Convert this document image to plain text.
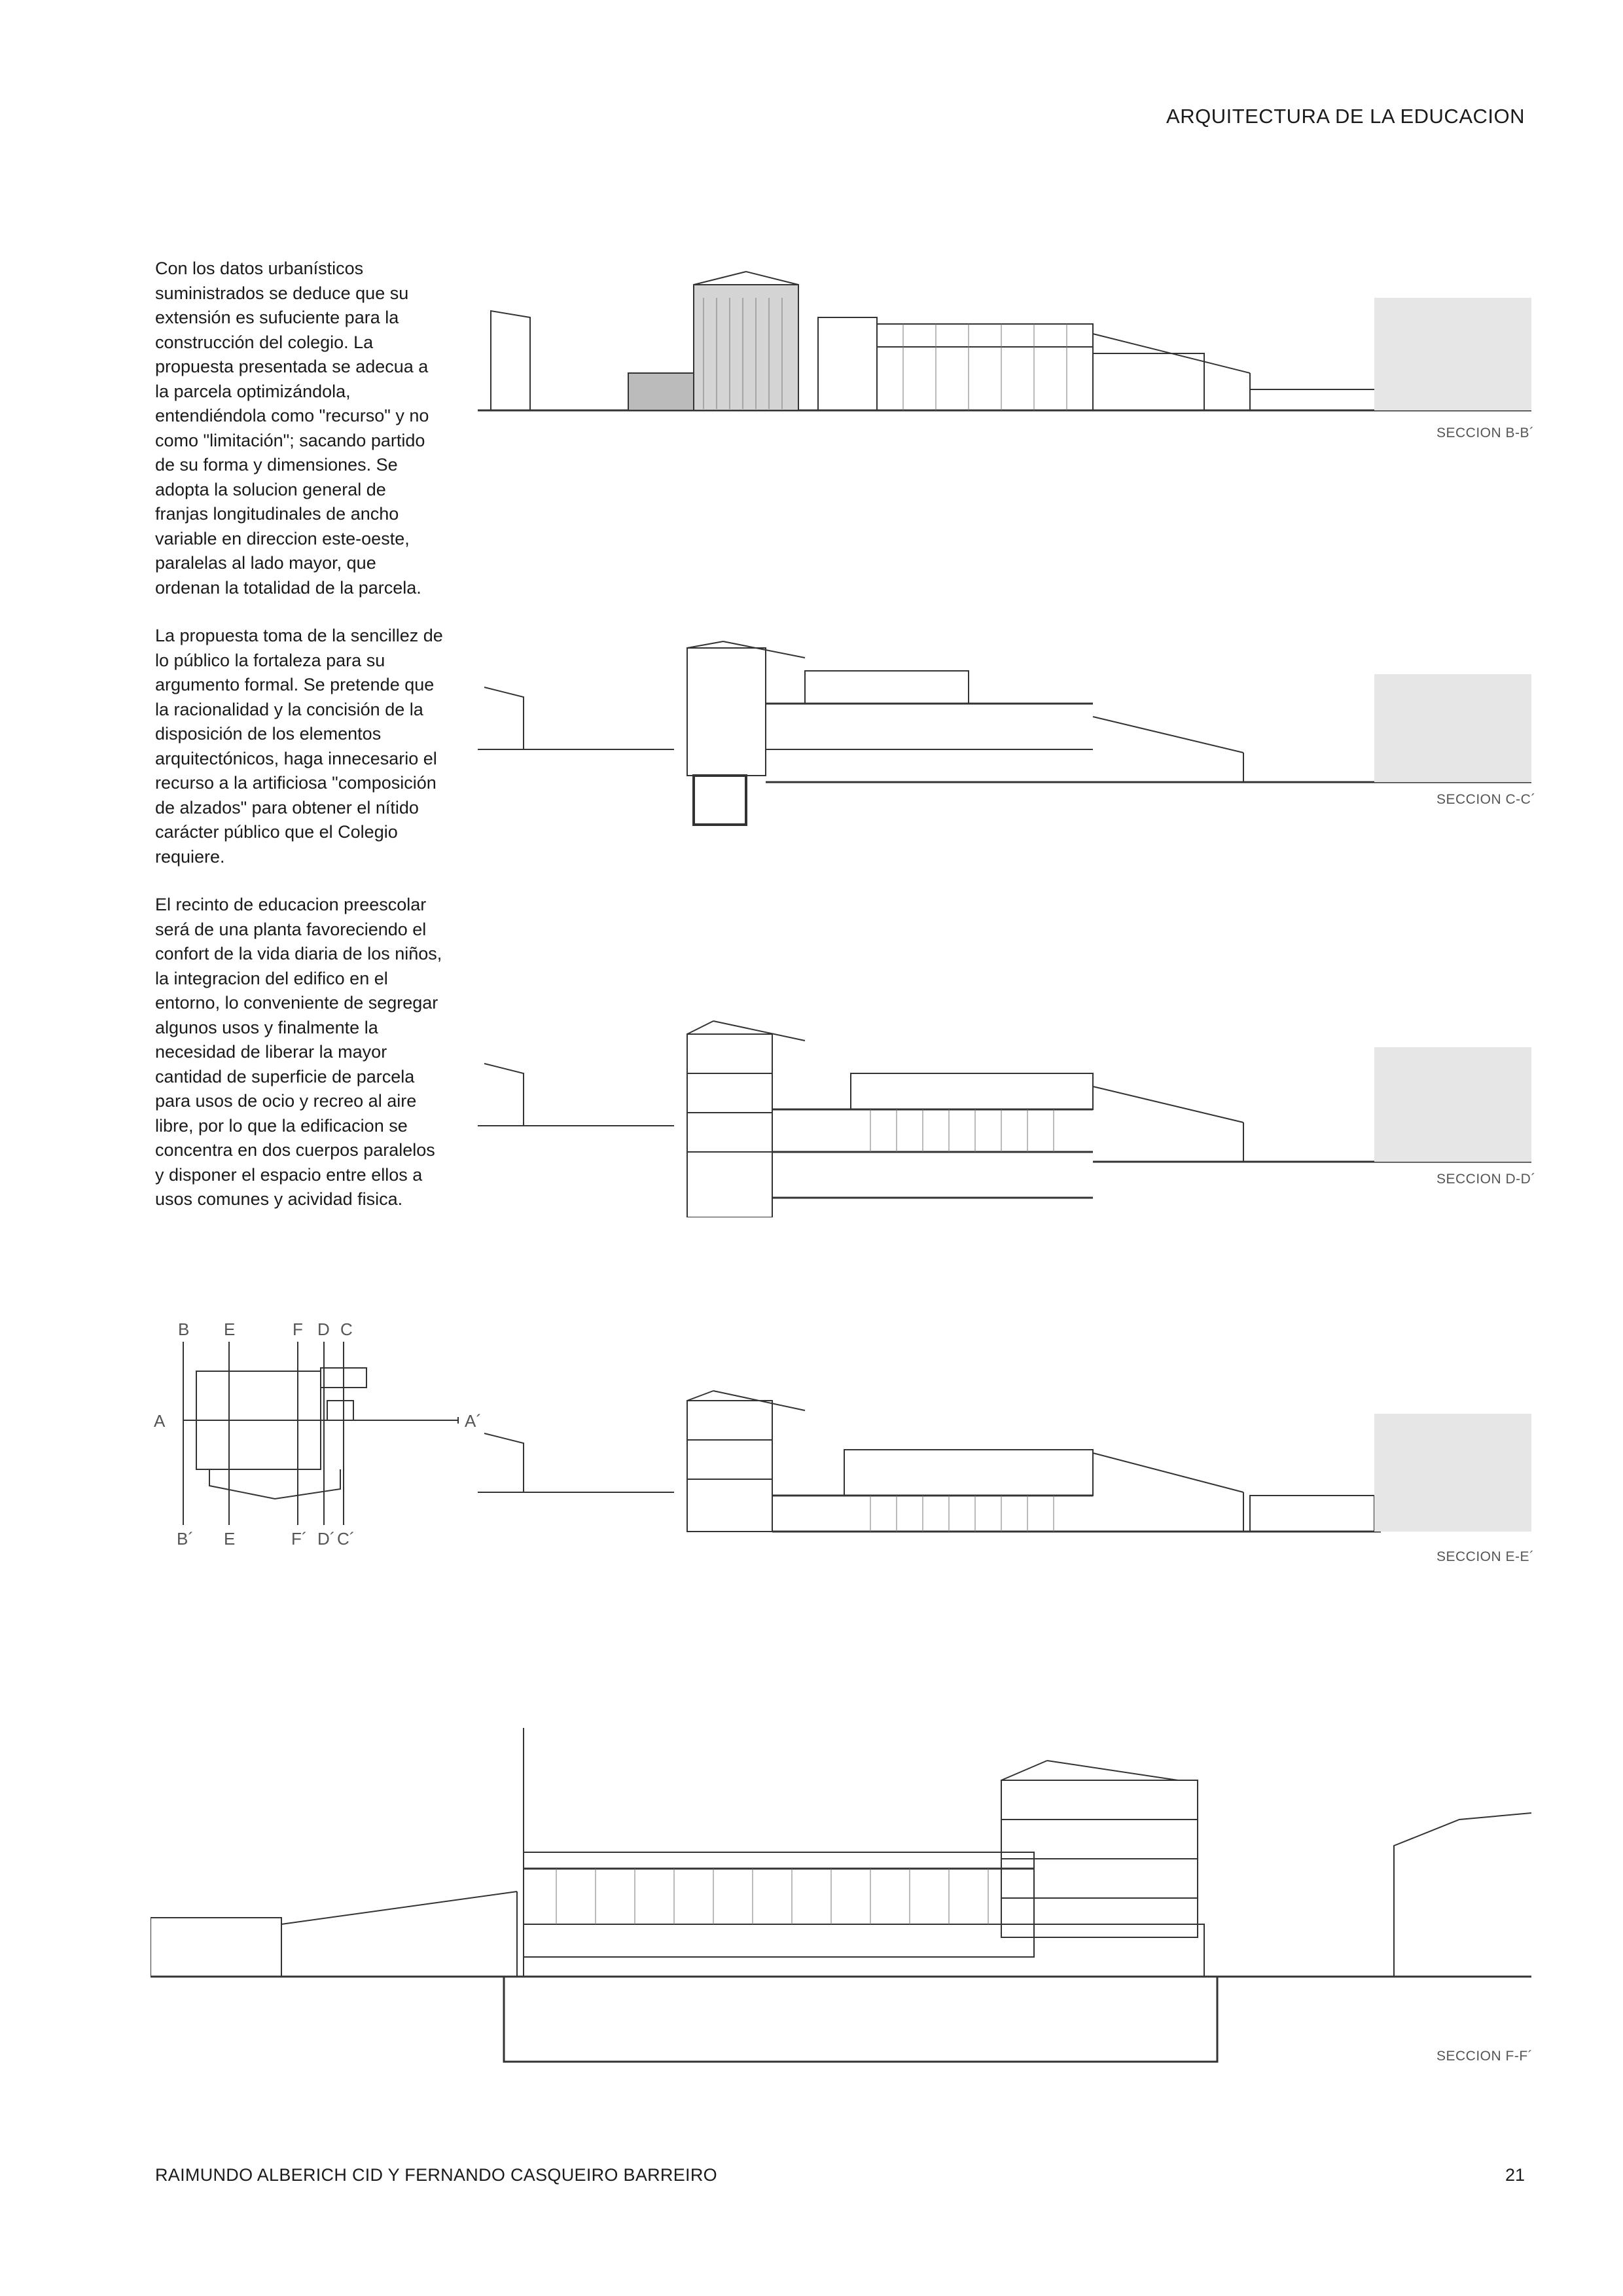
ARQUITECTURA DE LA EDUCACION

Con los datos urbanísticos suministrados se deduce que su extensión es sufuciente para la construcción del colegio. La propuesta presentada se adecua a la parcela optimizándola, entendiéndola como "recurso" y no como "limitación"; sacando partido de su forma y dimensiones. Se adopta la solucion general de franjas longitudinales de ancho variable en direccion este-oeste, paralelas al lado mayor, que ordenan la totalidad de la parcela.

La propuesta toma de la sencillez de lo público la fortaleza para su argumento formal. Se pretende que la racionalidad y la concisión de la disposición de los elementos arquitectónicos, haga innecesario el recurso a la artificiosa "composición de alzados" para obtener el nítido carácter público que el Colegio requiere.

El recinto de educacion preescolar será de una planta favoreciendo el confort de la vida diaria de los niños, la integracion del edifico en el entorno, lo conveniente de segregar algunos usos y finalmente la necesidad de liberar la mayor cantidad de superficie de parcela para usos de ocio y recreo al aire libre, por lo que la edificacion se concentra en dos cuerpos paralelos y disponer el espacio entre ellos a usos comunes y acividad fisica.

SECCION B-B´
SECCION C-C´
SECCION D-D´
B E	F D C
B´ E	F´ D´ C´
A	A´
SECCION E-E´
SECCION F-F´
RAIMUNDO ALBERICH CID Y FERNANDO CASQUEIRO BARREIRO	21
